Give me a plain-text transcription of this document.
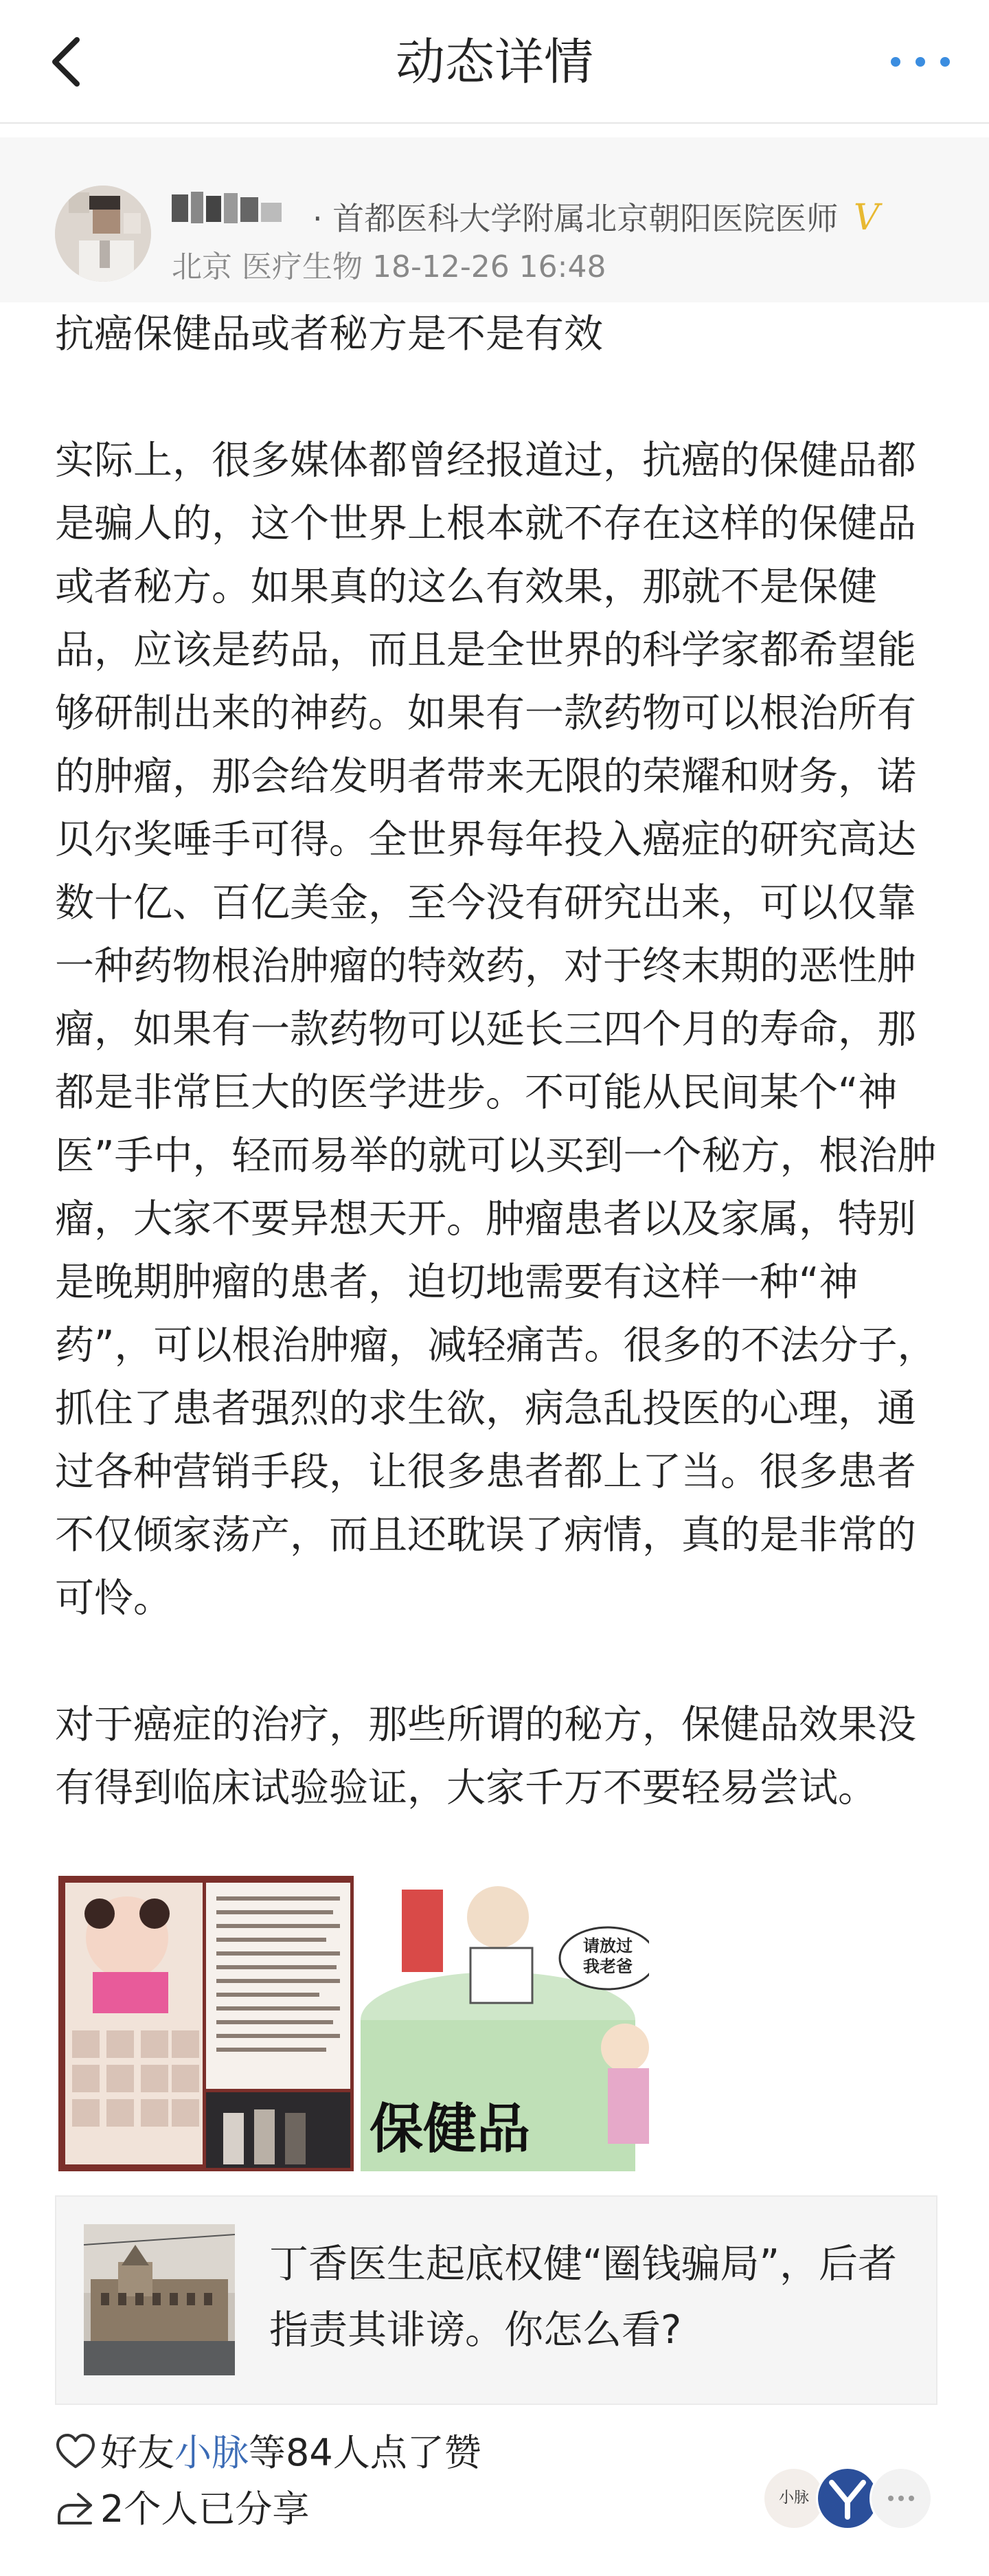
动态详情
· 首都医科大学附属北京朝阳医院医师 V
北京 医疗生物 18-12-26 16:48
抗癌保健品或者秘方是不是有效
实际上，很多媒体都曾经报道过，抗癌的保健品都是骗人的，这个世界上根本就不存在这样的保健品或者秘方。如果真的这么有效果，那就不是保健品，应该是药品，而且是全世界的科学家都希望能够研制出来的神药。如果有一款药物可以根治所有的肿瘤，那会给发明者带来无限的荣耀和财务，诺贝尔奖唾手可得。全世界每年投入癌症的研究高达数十亿、百亿美金，至今没有研究出来，可以仅靠一种药物根治肿瘤的特效药，对于终末期的恶性肿瘤，如果有一款药物可以延长三四个月的寿命，那都是非常巨大的医学进步。不可能从民间某个“神医”手中，轻而易举的就可以买到一个秘方，根治肿瘤，大家不要异想天开。肿瘤患者以及家属，特别是晚期肿瘤的患者，迫切地需要有这样一种“神药”，可以根治肿瘤，减轻痛苦。很多的不法分子，抓住了患者强烈的求生欲，病急乱投医的心理，通过各种营销手段，让很多患者都上了当。很多患者不仅倾家荡产，而且还耽误了病情，真的是非常的可怜。
对于癌症的治疗，那些所谓的秘方，保健品效果没有得到临床试验验证，大家千万不要轻易尝试。
请放过
我老爸
保健品
丁香医生起底权健“圈钱骗局”，后者指责其诽谤。你怎么看?
好友小脉等84人点了赞
2个人已分享	小脉
